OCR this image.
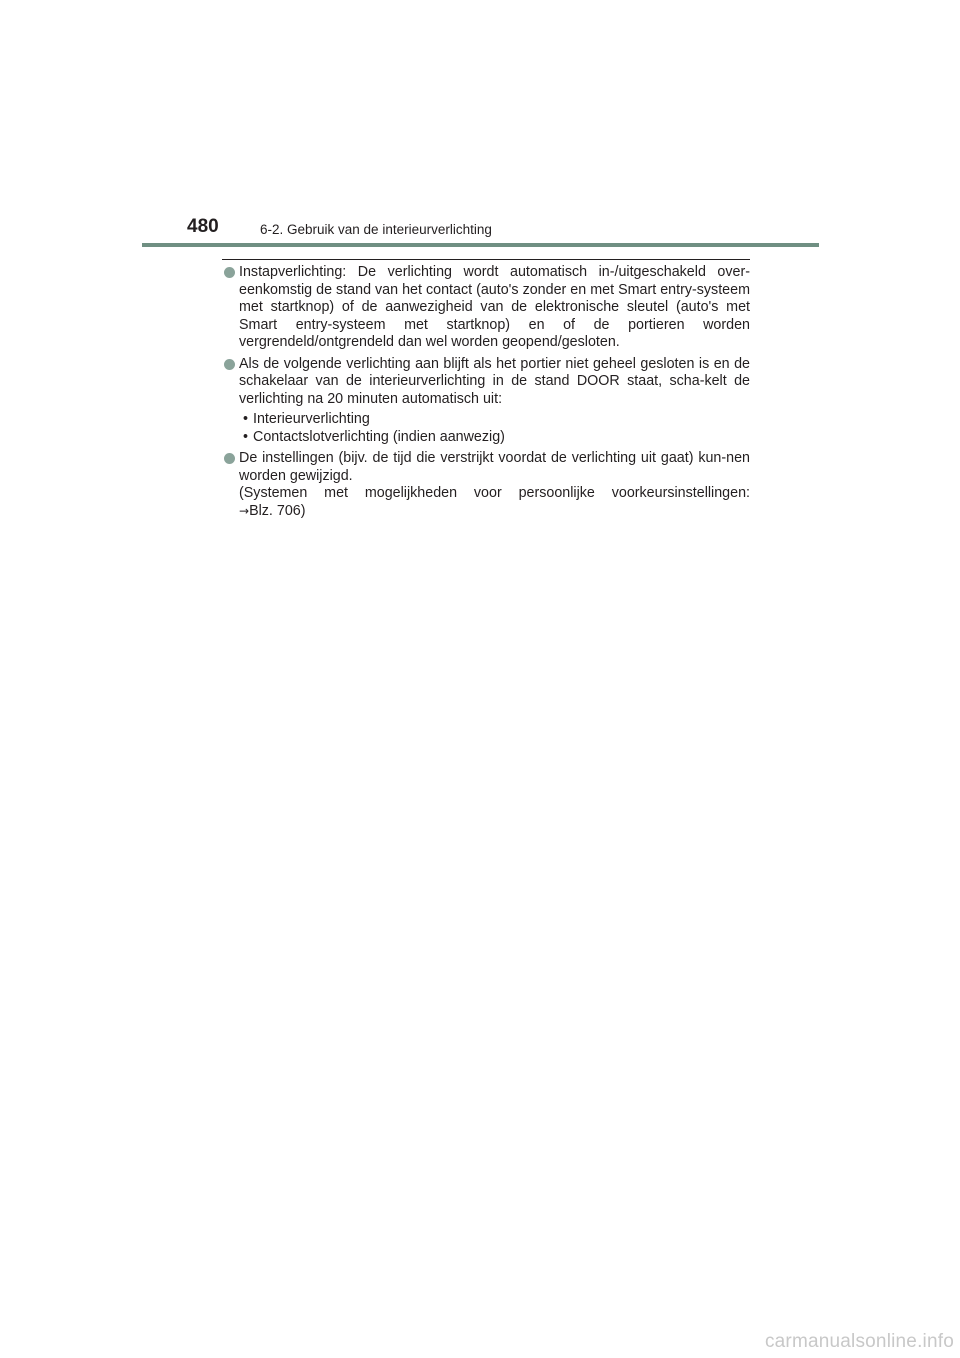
480	6-2. Gebruik van de interieurverlichting
Instapverlichting: De verlichting wordt automatisch in-/uitgeschakeld over-eenkomstig de stand van het contact (auto's zonder en met Smart entry-systeem met startknop) of de aanwezigheid van de elektronische sleutel (auto's met Smart entry-systeem met startknop) en of de portieren worden vergrendeld/ontgrendeld dan wel worden geopend/gesloten.
Als de volgende verlichting aan blijft als het portier niet geheel gesloten is en de schakelaar van de interieurverlichting in de stand DOOR staat, scha-kelt de verlichting na 20 minuten automatisch uit:
• Interieurverlichting
• Contactslotverlichting (indien aanwezig)
De instellingen (bijv. de tijd die verstrijkt voordat de verlichting uit gaat) kun-nen worden gewijzigd.
(Systemen met mogelijkheden voor persoonlijke voorkeursinstellingen:
→Blz. 706)
carmanualsonline.info
